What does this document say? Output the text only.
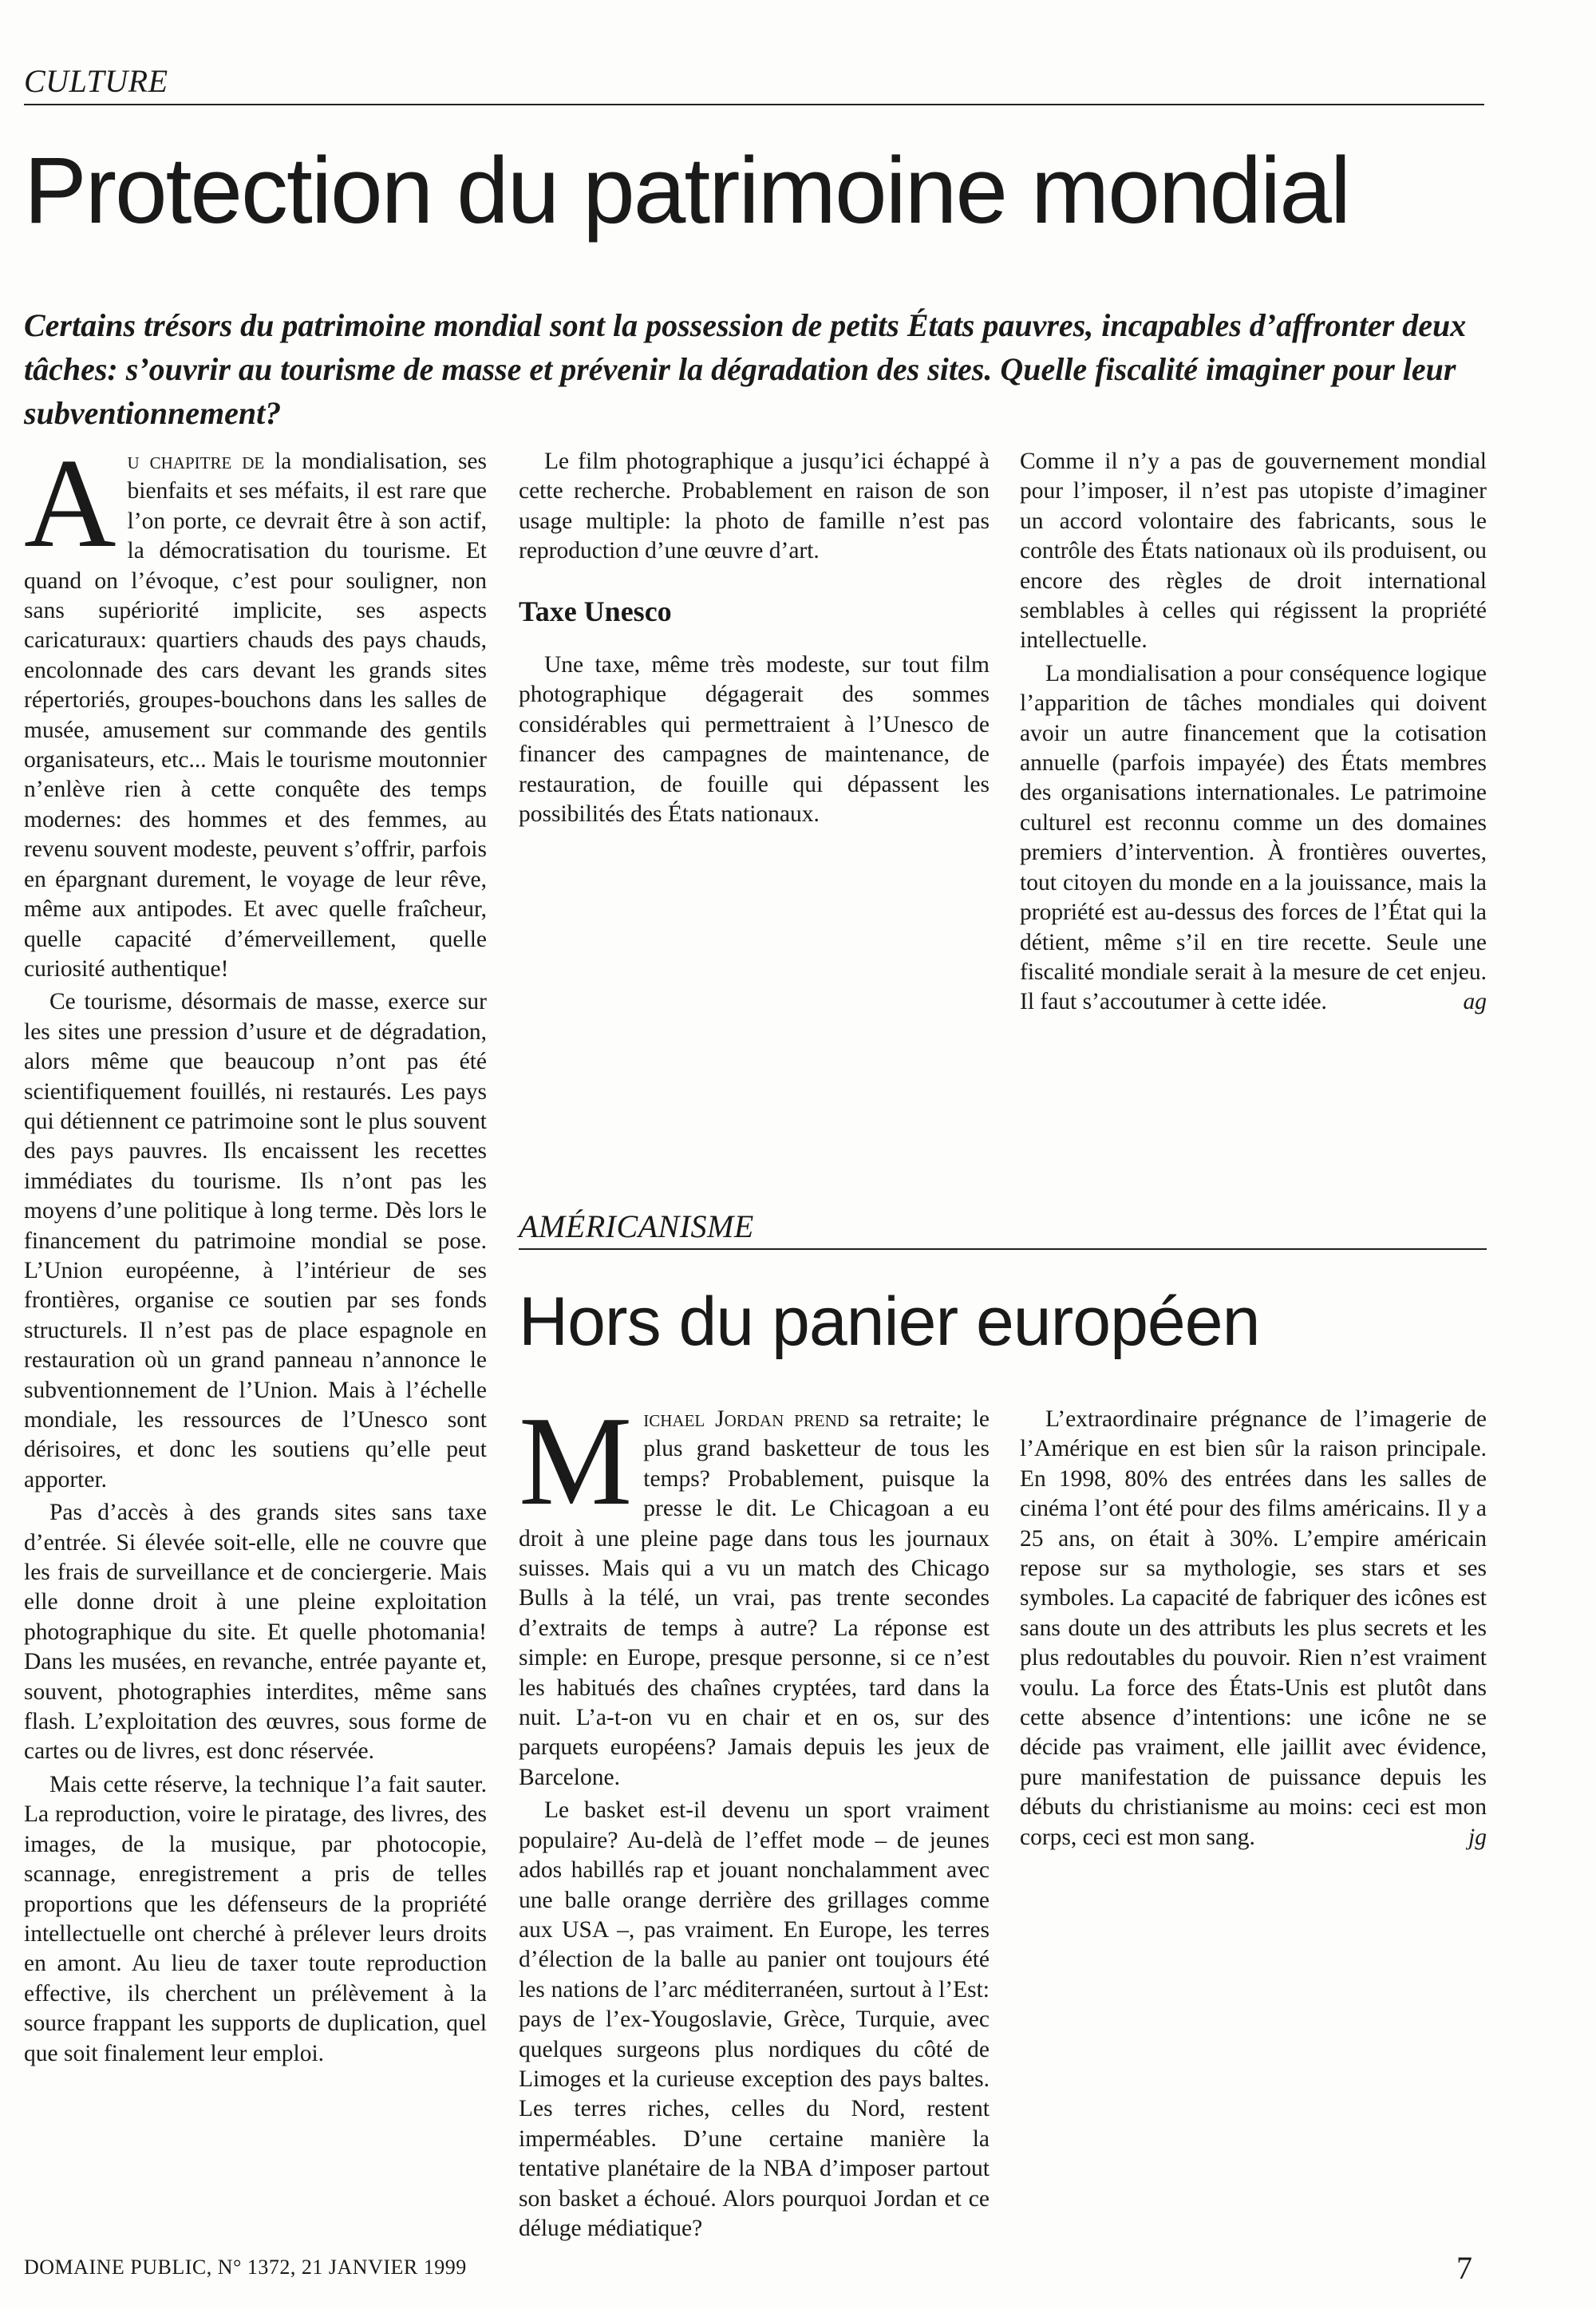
CULTURE
Protection du patrimoine mondial
Certains trésors du patrimoine mondial sont la possession de petits États pauvres, incapables d’affronter deux tâches: s’ouvrir au tourisme de masse et prévenir la dégradation des sites. Quelle fiscalité imaginer pour leur subventionnement?

Au chapitre de la mondialisation, ses bienfaits et ses méfaits, il est rare que l’on porte, ce devrait être à son actif, la démocratisation du tourisme. Et quand on l’évoque, c’est pour souligner, non sans supériorité implicite, ses aspects caricaturaux: quartiers chauds des pays chauds, encolonnade des cars devant les grands sites répertoriés, groupes-bouchons dans les salles de musée, amusement sur commande des gentils organisateurs, etc... Mais le tourisme moutonnier n’enlève rien à cette conquête des temps modernes: des hommes et des femmes, au revenu souvent modeste, peuvent s’offrir, parfois en épargnant durement, le voyage de leur rêve, même aux antipodes. Et avec quelle fraîcheur, quelle capacité d’émerveillement, quelle curiosité authentique!

Ce tourisme, désormais de masse, exerce sur les sites une pression d’usure et de dégradation, alors même que beaucoup n’ont pas été scientifiquement fouillés, ni restaurés. Les pays qui détiennent ce patrimoine sont le plus souvent des pays pauvres. Ils encaissent les recettes immédiates du tourisme. Ils n’ont pas les moyens d’une politique à long terme. Dès lors le financement du patrimoine mondial se pose. L’Union européenne, à l’intérieur de ses frontières, organise ce soutien par ses fonds structurels. Il n’est pas de place espagnole en restauration où un grand panneau n’annonce le subventionnement de l’Union. Mais à l’échelle mondiale, les ressources de l’Unesco sont dérisoires, et donc les soutiens qu’elle peut apporter.

Pas d’accès à des grands sites sans taxe d’entrée. Si élevée soit-elle, elle ne couvre que les frais de surveillance et de conciergerie. Mais elle donne droit à une pleine exploitation photographique du site. Et quelle photomania! Dans les musées, en revanche, entrée payante et, souvent, photographies interdites, même sans flash. L’exploitation des œuvres, sous forme de cartes ou de livres, est donc réservée.

Mais cette réserve, la technique l’a fait sauter. La reproduction, voire le piratage, des livres, des images, de la musique, par photocopie, scannage, enregistrement a pris de telles proportions que les défenseurs de la propriété intellectuelle ont cherché à prélever leurs droits en amont. Au lieu de taxer toute reproduction effective, ils cherchent un prélèvement à la source frappant les supports de duplication, quel que soit finalement leur emploi.

Le film photographique a jusqu’ici échappé à cette recherche. Probablement en raison de son usage multiple: la photo de famille n’est pas reproduction d’une œuvre d’art.

Taxe Unesco

Une taxe, même très modeste, sur tout film photographique dégagerait des sommes considérables qui permettraient à l’Unesco de financer des campagnes de maintenance, de restauration, de fouille qui dépassent les possibilités des États nationaux.

Comme il n’y a pas de gouvernement mondial pour l’imposer, il n’est pas utopiste d’imaginer un accord volontaire des fabricants, sous le contrôle des États nationaux où ils produisent, ou encore des règles de droit international semblables à celles qui régissent la propriété intellectuelle.

La mondialisation a pour conséquence logique l’apparition de tâches mondiales qui doivent avoir un autre financement que la cotisation annuelle (parfois impayée) des États membres des organisations internationales. Le patrimoine culturel est reconnu comme un des domaines premiers d’intervention. À frontières ouvertes, tout citoyen du monde en a la jouissance, mais la propriété est au-dessus des forces de l’État qui la détient, même s’il en tire recette. Seule une fiscalité mondiale serait à la mesure de cet enjeu. Il faut s’accoutumer à cette idée.	ag

AMÉRICANISME
Hors du panier européen

Michael Jordan prend sa retraite; le plus grand basketteur de tous les temps? Probablement, puisque la presse le dit. Le Chicagoan a eu droit à une pleine page dans tous les journaux suisses. Mais qui a vu un match des Chicago Bulls à la télé, un vrai, pas trente secondes d’extraits de temps à autre? La réponse est simple: en Europe, presque personne, si ce n’est les habitués des chaînes cryptées, tard dans la nuit. L’a-t-on vu en chair et en os, sur des parquets européens? Jamais depuis les jeux de Barcelone.

Le basket est-il devenu un sport vraiment populaire? Au-delà de l’effet mode – de jeunes ados habillés rap et jouant nonchalamment avec une balle orange derrière des grillages comme aux USA –, pas vraiment. En Europe, les terres d’élection de la balle au panier ont toujours été les nations de l’arc méditerranéen, surtout à l’Est: pays de l’ex-Yougoslavie, Grèce, Turquie, avec quelques surgeons plus nordiques du côté de Limoges et la curieuse exception des pays baltes. Les terres riches, celles du Nord, restent imperméables. D’une certaine manière la tentative planétaire de la NBA d’imposer partout son basket a échoué. Alors pourquoi Jordan et ce déluge médiatique?

L’extraordinaire prégnance de l’imagerie de l’Amérique en est bien sûr la raison principale. En 1998, 80% des entrées dans les salles de cinéma l’ont été pour des films américains. Il y a 25 ans, on était à 30%. L’empire américain repose sur sa mythologie, ses stars et ses symboles. La capacité de fabriquer des icônes est sans doute un des attributs les plus secrets et les plus redoutables du pouvoir. Rien n’est vraiment voulu. La force des États-Unis est plutôt dans cette absence d’intentions: une icône ne se décide pas vraiment, elle jaillit avec évidence, pure manifestation de puissance depuis les débuts du christianisme au moins: ceci est mon corps, ceci est mon sang.	jg

DOMAINE PUBLIC, N° 1372, 21 JANVIER 1999	7
